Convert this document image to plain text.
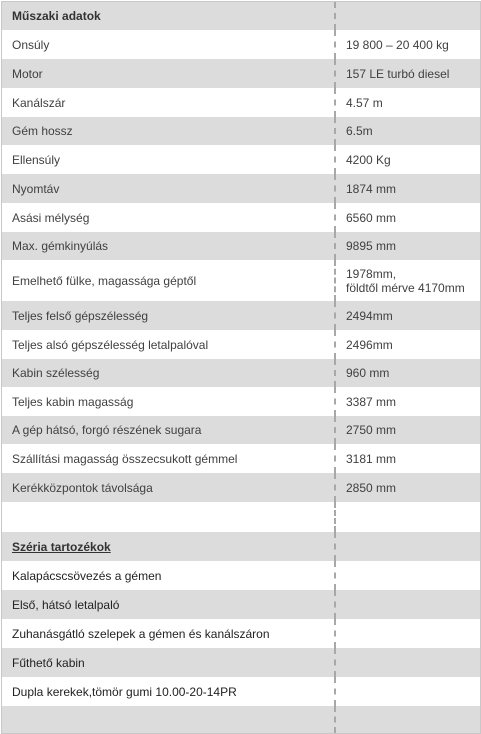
Műszaki adatok
Onsúly	19 800 – 20 400 kg
Motor	157 LE turbó diesel
Kanálszár	4.57 m
Gém hossz	6.5m
Ellensúly	4200 Kg
Nyomtáv	1874 mm
Asási mélység	6560 mm
Max. gémkinyúlás	9895 mm
Emelhető fülke, magassága géptől	1978mm,
földtől mérve 4170mm
Teljes felső gépszélesség	2494mm
Teljes alsó gépszélesség letalpalóval	2496mm
Kabin szélesség	960 mm
Teljes kabin magasság	3387 mm
A gép hátsó, forgó részének sugara	2750 mm
Szállítási magasság összecsukott gémmel	3181 mm
Kerékközpontok távolsága	2850 mm
Széria tartozékok
Kalapácscsövezés a gémen
Első, hátsó letalpaló
Zuhanásgátló szelepek a gémen és kanálszáron
Fűthető kabin
Dupla kerekek,tömör gumi 10.00-20-14PR
